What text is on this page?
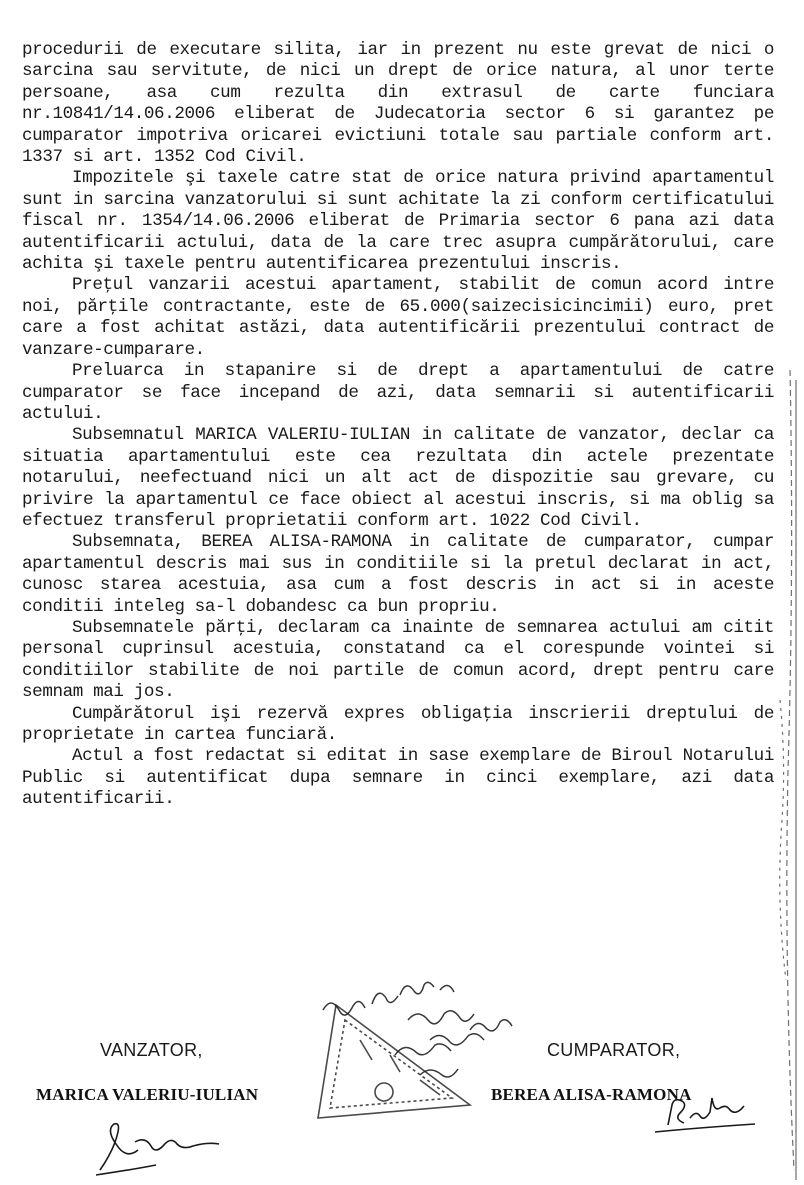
procedurii de executare silita, iar in prezent nu este grevat de nici o sarcina sau servitute, de nici un drept de orice natura, al unor terte persoane, asa cum rezulta din extrasul de carte funciara nr.10841/14.06.2006 eliberat de Judecatoria sector 6 si garantez pe cumparator impotriva oricarei evictiuni totale sau partiale conform art. 1337 si art. 1352 Cod Civil.

Impozitele şi taxele catre stat de orice natura privind apartamentul sunt in sarcina vanzatorului si sunt achitate la zi conform certificatului fiscal nr. 1354/14.06.2006 eliberat de Primaria sector 6 pana azi data autentificarii actului, data de la care trec asupra cumpărătorului, care achita şi taxele pentru autentificarea prezentului inscris.

Preţul vanzarii acestui apartament, stabilit de comun acord intre noi, părţile contractante, este de 65.000(saizecisicincimii) euro, pret care a fost achitat astăzi, data autentificării prezentului contract de vanzare-cumparare.

Preluarca in stapanire si de drept a apartamentului de catre cumparator se face incepand de azi, data semnarii si autentificarii actului.

Subsemnatul MARICA VALERIU-IULIAN in calitate de vanzator, declar ca situatia apartamentului este cea rezultata din actele prezentate notarului, neefectuand nici un alt act de dispozitie sau grevare, cu privire la apartamentul ce face obiect al acestui inscris, si ma oblig sa efectuez transferul proprietatii conform art. 1022 Cod Civil.

Subsemnata, BEREA ALISA-RAMONA in calitate de cumparator, cumpar apartamentul descris mai sus in conditiile si la pretul declarat in act, cunosc starea acestuia, asa cum a fost descris in act si in aceste conditii inteleg sa-l dobandesc ca bun propriu.

Subsemnatele părţi, declaram ca inainte de semnarea actului am citit personal cuprinsul acestuia, constatand ca el corespunde vointei si conditiilor stabilite de noi partile de comun acord, drept pentru care semnam mai jos.

Cumpărătorul işi rezervă expres obligaţia inscrierii dreptului de proprietate in cartea funciară.

Actul a fost redactat si editat in sase exemplare de Biroul Notarului Public si autentificat dupa semnare in cinci exemplare, azi data autentificarii.

VANZATOR,	CUMPARATOR,
MARICA VALERIU-IULIAN	BEREA ALISA-RAMONA
